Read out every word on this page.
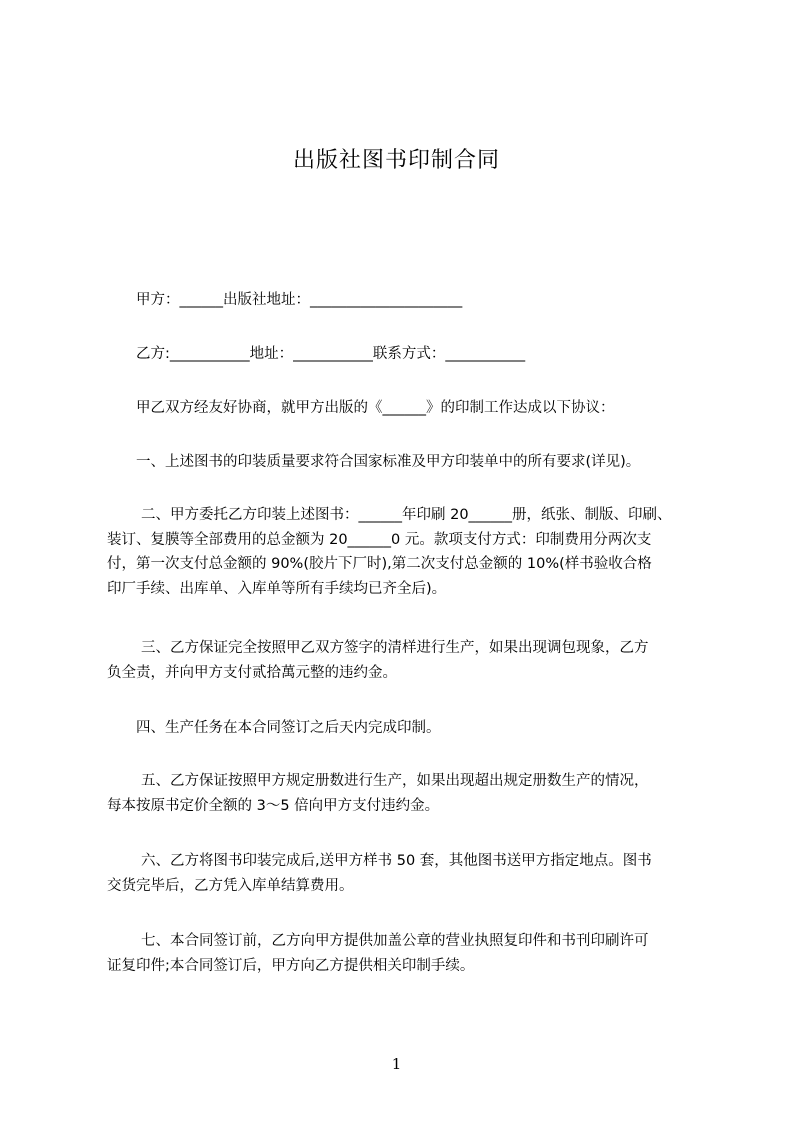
出版社图书印制合同
甲方：______出版社地址：_____________________
乙方:___________地址：___________联系方式：___________
甲乙双方经友好协商，就甲方出版的《______》的印制工作达成以下协议：
一、上述图书的印装质量要求符合国家标准及甲方印装单中的所有要求(详见)。
二、甲方委托乙方印装上述图书：______年印刷 20______册，纸张、制版、印刷、
装订、复膜等全部费用的总金额为 20______0 元。款项支付方式：印制费用分两次支
付，第一次支付总金额的 90%(胶片下厂时),第二次支付总金额的 10%(样书验收合格
印厂手续、出库单、入库单等所有手续均已齐全后)。
三、乙方保证完全按照甲乙双方签字的清样进行生产，如果出现调包现象，乙方
负全责，并向甲方支付贰拾萬元整的违约金。
四、生产任务在本合同签订之后天内完成印制。
五、乙方保证按照甲方规定册数进行生产，如果出现超出规定册数生产的情况，
每本按原书定价全额的 3～5 倍向甲方支付违约金。
六、乙方将图书印装完成后,送甲方样书 50 套，其他图书送甲方指定地点。图书
交货完毕后，乙方凭入库单结算费用。
七、本合同签订前，乙方向甲方提供加盖公章的营业执照复印件和书刊印刷许可
证复印件;本合同签订后，甲方向乙方提供相关印制手续。
1
